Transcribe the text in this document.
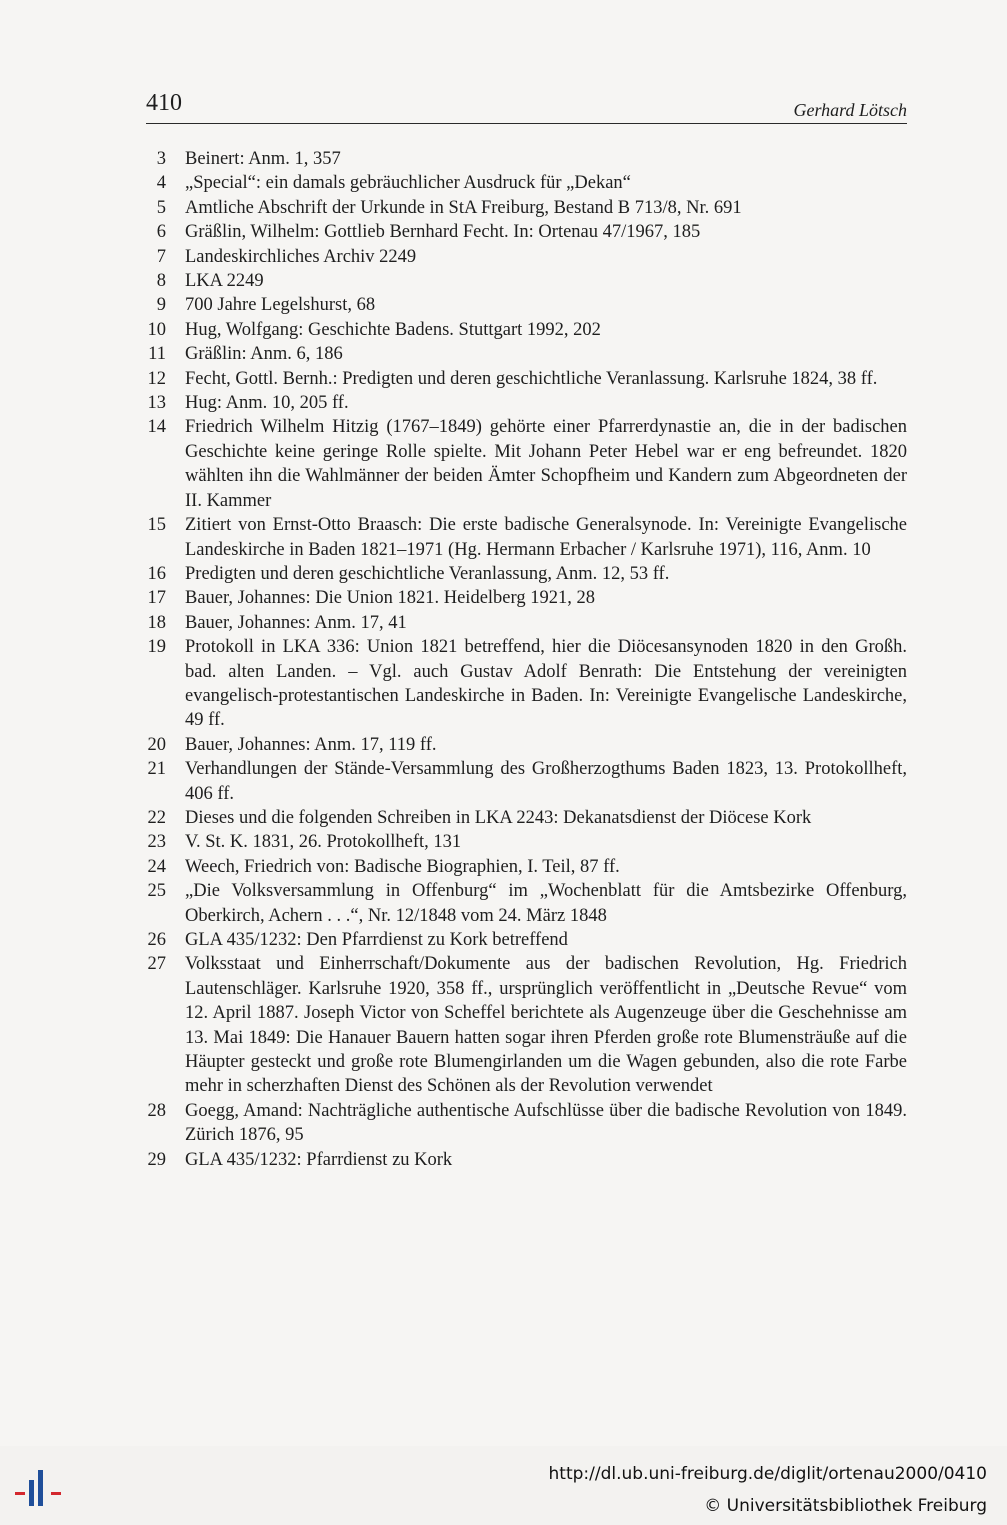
410	Gerhard Lötsch
3 Beinert: Anm. 1, 357
4 „Special“: ein damals gebräuchlicher Ausdruck für „Dekan“
5 Amtliche Abschrift der Urkunde in StA Freiburg, Bestand B 713/8, Nr. 691
6 Gräßlin, Wilhelm: Gottlieb Bernhard Fecht. In: Ortenau 47/1967, 185
7 Landeskirchliches Archiv 2249
8 LKA 2249
9 700 Jahre Legelshurst, 68
10 Hug, Wolfgang: Geschichte Badens. Stuttgart 1992, 202
11 Gräßlin: Anm. 6, 186
12 Fecht, Gottl. Bernh.: Predigten und deren geschichtliche Veranlassung. Karlsruhe 1824, 38 ff.
13 Hug: Anm. 10, 205 ff.
14 Friedrich Wilhelm Hitzig (1767–1849) gehörte einer Pfarrerdynastie an, die in der badischen Geschichte keine geringe Rolle spielte. Mit Johann Peter Hebel war er eng befreundet. 1820 wählten ihn die Wahlmänner der beiden Ämter Schopfheim und Kandern zum Abgeordneten der II. Kammer
15 Zitiert von Ernst-Otto Braasch: Die erste badische Generalsynode. In: Vereinigte Evangelische Landeskirche in Baden 1821–1971 (Hg. Hermann Erbacher / Karlsruhe 1971), 116, Anm. 10
16 Predigten und deren geschichtliche Veranlassung, Anm. 12, 53 ff.
17 Bauer, Johannes: Die Union 1821. Heidelberg 1921, 28
18 Bauer, Johannes: Anm. 17, 41
19 Protokoll in LKA 336: Union 1821 betreffend, hier die Diöcesansynoden 1820 in den Großh. bad. alten Landen. – Vgl. auch Gustav Adolf Benrath: Die Entstehung der vereinigten evangelisch-protestantischen Landeskirche in Baden. In: Vereinigte Evangelische Landeskirche, 49 ff.
20 Bauer, Johannes: Anm. 17, 119 ff.
21 Verhandlungen der Stände-Versammlung des Großherzogthums Baden 1823, 13. Protokollheft, 406 ff.
22 Dieses und die folgenden Schreiben in LKA 2243: Dekanatsdienst der Diöcese Kork
23 V. St. K. 1831, 26. Protokollheft, 131
24 Weech, Friedrich von: Badische Biographien, I. Teil, 87 ff.
25 „Die Volksversammlung in Offenburg“ im „Wochenblatt für die Amtsbezirke Offenburg, Oberkirch, Achern . . .“, Nr. 12/1848 vom 24. März 1848
26 GLA 435/1232: Den Pfarrdienst zu Kork betreffend
27 Volksstaat und Einherrschaft/Dokumente aus der badischen Revolution, Hg. Friedrich Lautenschläger. Karlsruhe 1920, 358 ff., ursprünglich veröffentlicht in „Deutsche Revue“ vom 12. April 1887. Joseph Victor von Scheffel berichtete als Augenzeuge über die Geschehnisse am 13. Mai 1849: Die Hanauer Bauern hatten sogar ihren Pferden große rote Blumensträuße auf die Häupter gesteckt und große rote Blumengirlanden um die Wagen gebunden, also die rote Farbe mehr in scherzhaften Dienst des Schönen als der Revolution verwendet
28 Goegg, Amand: Nachträgliche authentische Aufschlüsse über die badische Revolution von 1849. Zürich 1876, 95
29 GLA 435/1232: Pfarrdienst zu Kork
http://dl.ub.uni-freiburg.de/diglit/ortenau2000/0410
© Universitätsbibliothek Freiburg
